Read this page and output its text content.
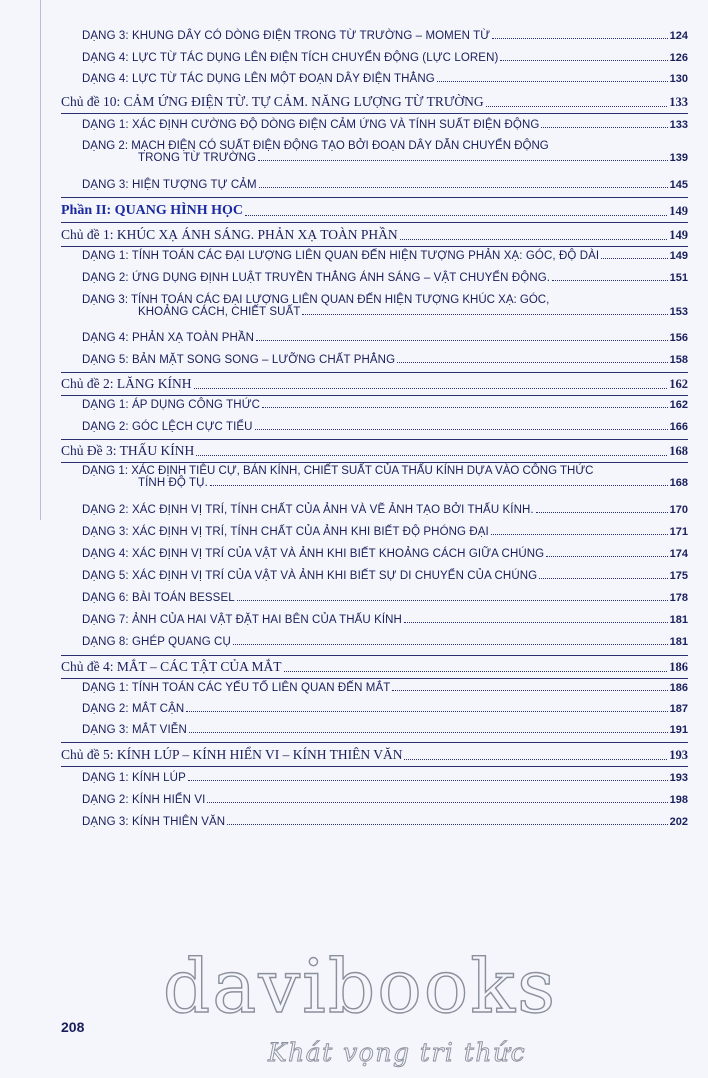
DẠNG 3: KHUNG DÂY CÓ DÒNG ĐIỆN TRONG TỪ TRƯỜNG – MOMEN TỪ	124
DẠNG 4: LỰC TỪ TÁC DỤNG LÊN ĐIỆN TÍCH CHUYỂN ĐỘNG (LỰC LOREN)	126
DẠNG 4: LỰC TỪ TÁC DỤNG LÊN MỘT ĐOẠN DÂY ĐIỆN THẲNG	130
Chủ đề 10: CẢM ỨNG ĐIỆN TỪ. TỰ CẢM. NĂNG LƯỢNG TỪ TRƯỜNG	133
DẠNG 1: XÁC ĐỊNH CƯỜNG ĐỘ DÒNG ĐIỆN CẢM ỨNG VÀ TÍNH SUẤT ĐIỆN ĐỘNG	133
DẠNG 2: MẠCH ĐIỆN CÓ SUẤT ĐIỆN ĐỘNG TẠO BỞI ĐOẠN DÂY DẪN CHUYỂN ĐỘNG
TRONG TỪ TRƯỜNG	139
DẠNG 3: HIỆN TƯỢNG TỰ CẢM	145
Phần II: QUANG HÌNH HỌC	149
Chủ đề 1: KHÚC XẠ ÁNH SÁNG. PHẢN XẠ TOÀN PHẦN	149
DẠNG 1: TÍNH TOÁN CÁC ĐẠI LƯỢNG LIÊN QUAN ĐẾN HIỆN TƯỢNG PHẢN XẠ: GÓC, ĐỘ DÀI	149
DẠNG 2: ỨNG DỤNG ĐỊNH LUẬT TRUYỀN THẲNG ÁNH SÁNG – VẬT CHUYỂN ĐỘNG.	151
DẠNG 3: TÍNH TOÁN CÁC ĐẠI LƯỢNG LIÊN QUAN ĐẾN HIỆN TƯỢNG KHÚC XẠ: GÓC,
KHOẢNG CÁCH, CHIẾT SUẤT	153
DẠNG 4: PHẢN XẠ TOÀN PHẦN	156
DẠNG 5: BẢN MẶT SONG SONG – LƯỠNG CHẤT PHẲNG	158
Chủ đề 2: LĂNG KÍNH	162
DẠNG 1: ÁP DỤNG CÔNG THỨC	162
DẠNG 2: GÓC LỆCH CỰC TIỂU	166
Chủ Đề 3: THẤU KÍNH	168
DẠNG 1: XÁC ĐỊNH TIÊU CỰ, BÁN KÍNH, CHIẾT SUẤT CỦA THẤU KÍNH DỰA VÀO CÔNG THỨC
TÍNH ĐỘ TỤ.	168
DẠNG 2: XÁC ĐỊNH VỊ TRÍ, TÍNH CHẤT CỦA ẢNH VÀ VẼ ẢNH TẠO BỞI THẤU KÍNH.	170
DẠNG 3: XÁC ĐỊNH VỊ TRÍ, TÍNH CHẤT CỦA ẢNH KHI BIẾT ĐỘ PHÓNG ĐẠI	171
DẠNG 4: XÁC ĐỊNH VỊ TRÍ CỦA VẬT VÀ ẢNH KHI BIẾT KHOẢNG CÁCH GIỮA CHÚNG	174
DẠNG 5: XÁC ĐỊNH VỊ TRÍ CỦA VẬT VÀ ẢNH KHI BIẾT SỰ DI CHUYỂN CỦA CHÚNG	175
DẠNG 6: BÀI TOÁN BESSEL	178
DẠNG 7: ẢNH CỦA HAI VẬT ĐẶT HAI BÊN CỦA THẤU KÍNH	181
DẠNG 8: GHÉP QUANG CỤ	181
Chủ đề 4: MẮT – CÁC TẬT CỦA MẮT	186
DẠNG 1: TÍNH TOÁN CÁC YẾU TỐ LIÊN QUAN ĐẾN MẮT	186
DẠNG 2: MẮT CẬN	187
DẠNG 3: MẮT VIỄN	191
Chủ đề 5: KÍNH LÚP – KÍNH HIỂN VI – KÍNH THIÊN VĂN	193
DẠNG 1: KÍNH LÚP	193
DẠNG 2: KÍNH HIỂN VI	198
DẠNG 3: KÍNH THIÊN VĂN	202
davibooks
Khát vọng tri thức
208
